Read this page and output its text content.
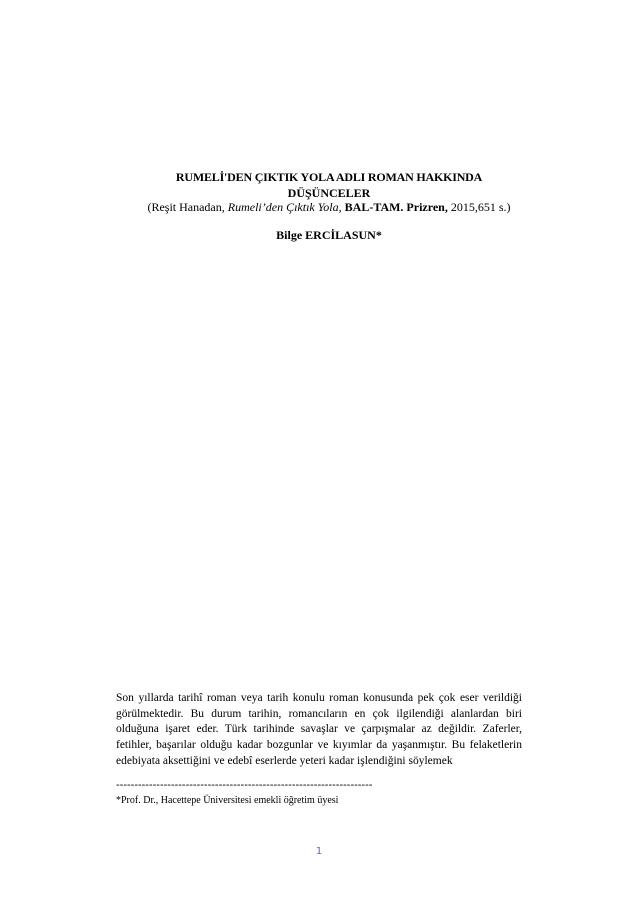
RUMELİ'DEN ÇIKTIK YOLA ADLI ROMAN HAKKINDA
DÜŞÜNCELER
(Reşit Hanadan, Rumeli’den Çıktık Yola, BAL-TAM. Prizren, 2015,651 s.)
Bilge ERCİLASUN*
Son yıllarda tarihî roman veya tarih konulu roman konusunda pek çok eser verildiği görülmektedir. Bu durum tarihin, romancıların en çok ilgilendiği alanlardan biri olduğuna işaret eder. Türk tarihinde savaşlar ve çarpışmalar az değildir. Zaferler, fetihler, başarılar olduğu kadar bozgunlar ve kıyımlar da yaşanmıştır. Bu felaketlerin edebiyata aksettiğini ve edebî eserlerde yeteri kadar işlendiğini söylemek
----------------------------------------------------------------------
*Prof. Dr., Hacettepe Üniversitesi emekli öğretim üyesi
1
